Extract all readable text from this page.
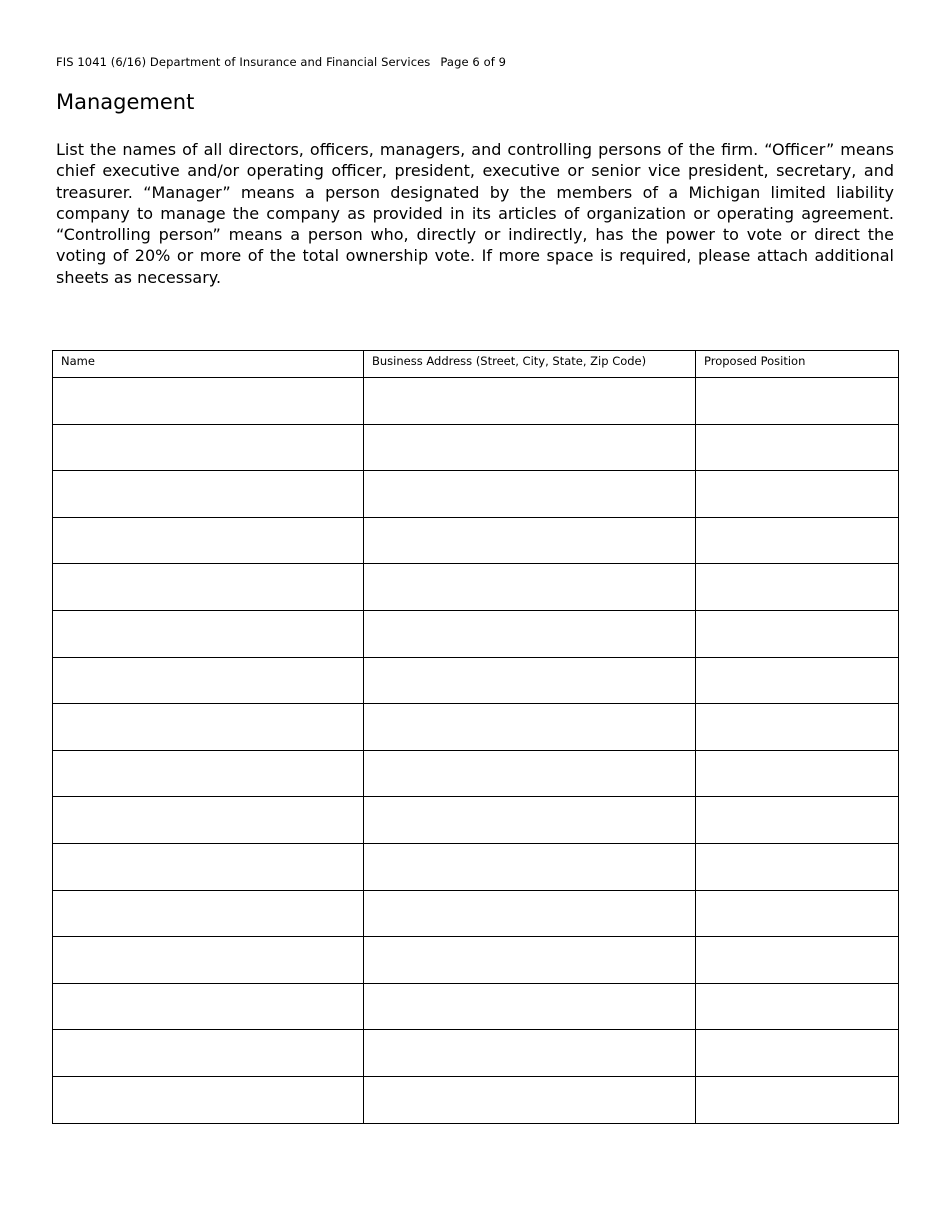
FIS 1041 (6/16) Department of Insurance and Financial Services Page 6 of 9
Management

List the names of all directors, officers, managers, and controlling persons of the firm. “Officer” means chief executive and/or operating officer, president, executive or senior vice president, secretary, and treasurer. “Manager” means a person designated by the members of a Michigan limited liability company to manage the company as provided in its articles of organization or operating agreement. “Controlling person” means a person who, directly or indirectly, has the power to vote or direct the voting of 20% or more of the total ownership vote. If more space is required, please attach additional sheets as necessary.

Name	Business Address (Street, City, State, Zip Code)	Proposed Position
